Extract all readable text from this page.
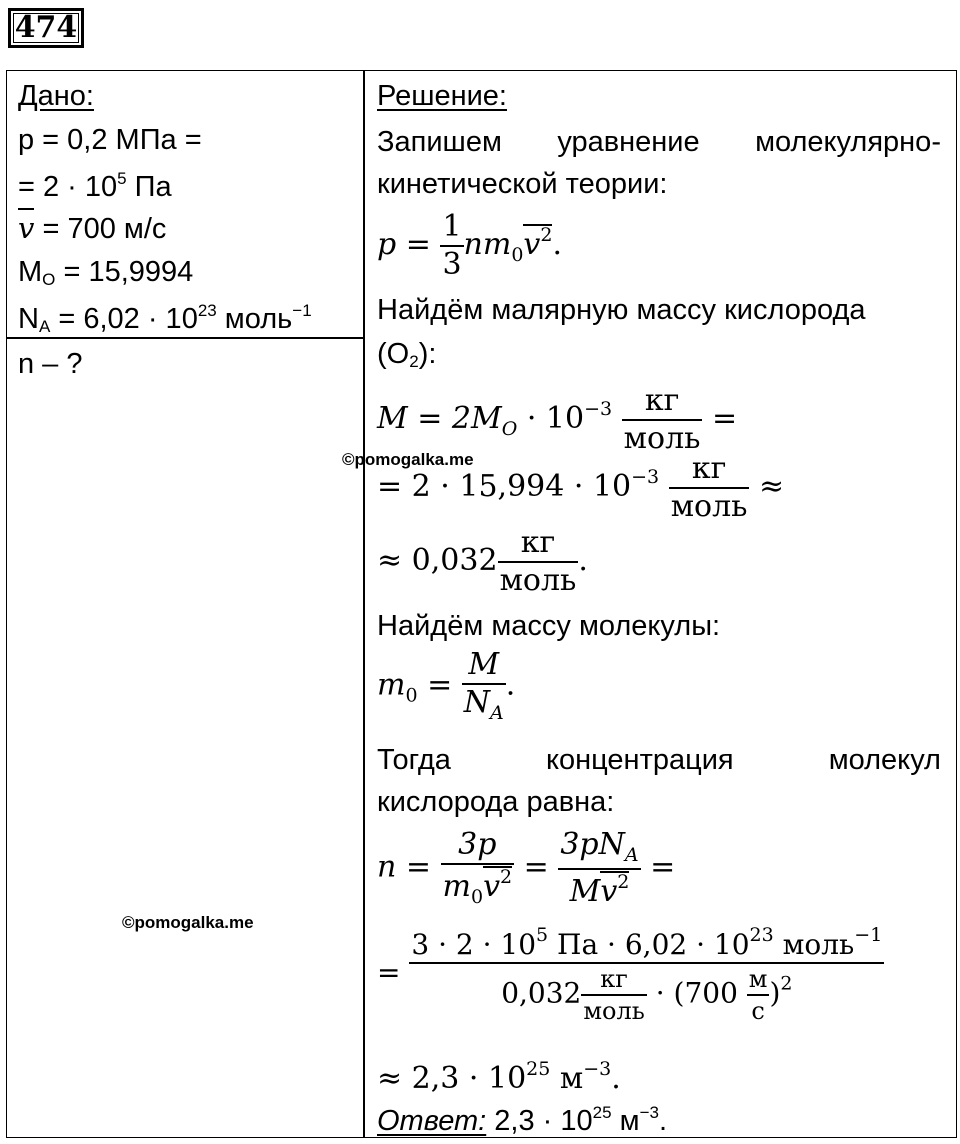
474
Дано:
p = 0,2 МПа =
= $2 \cdot 10^5$ Па
v = 700 м/с
$M_O = 15,9994$
$N_A = 6,02 \cdot 10^{23}$ моль$^{-1}$
n – ?
Решение:
Запишем уравнение молекулярно-
кинетической теории:
$p = \frac{1}{3} nm_0v^2$.
Найдём малярную массу кислорода
$(O_2)$:
$M = 2M_O \cdot 10^{-3} \frac{кг}{\text{моль}}$ =
= $2 \cdot 15,994 \cdot 10^{-3} \frac{кг}{\text{моль}}$ ≈
≈ $0,032 \frac{кг}{\text{моль}}$ .
Найдём массу молекулы:
$m_0 = \frac{M}{N_A}$ .
Тогда	концентрация	молекул
кислорода равна:
$n = \frac{3p}{m_0v^2} = \frac{3pN_A}{Mv^2}$ =
= $\frac{3 \cdot 2 \cdot 10^5 Па \cdot 6,02 \cdot 10^{23} моль^{-1}}{0,032 \frac{кг}{\text{моль}} \cdot (700 \frac{м}{с} )^2}$
≈ $2,3 \cdot 10^{25}$ $м^{-3}$.
Ответ: $2,3 \cdot 10^{25}$ $м^{-3}$.
©pomogalka.me
©pomogalka.me
